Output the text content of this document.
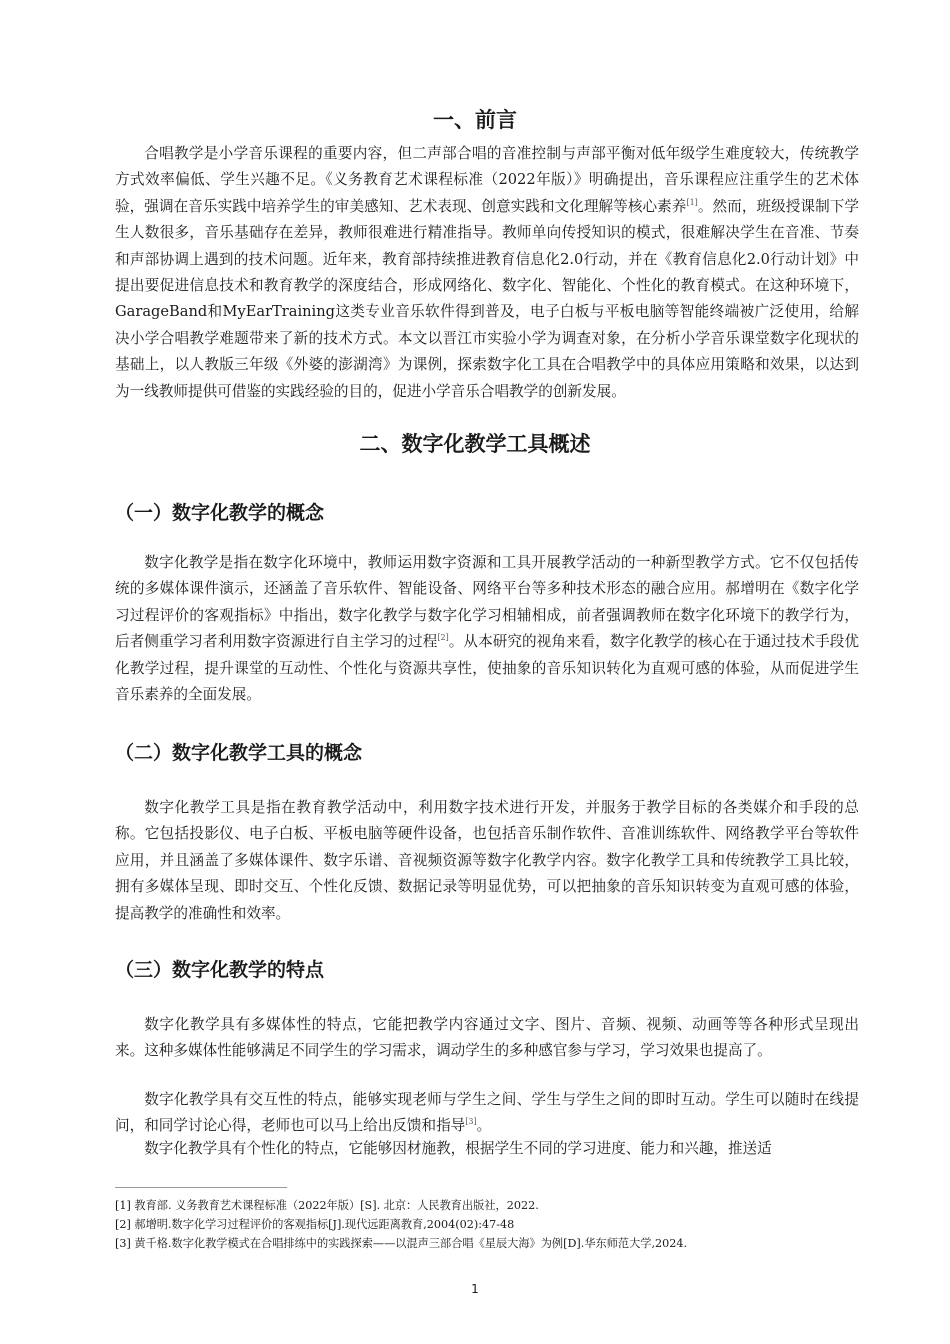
一、前言

合唱教学是小学音乐课程的重要内容，但二声部合唱的音准控制与声部平衡对低年级学生难度较大，传统教学方式效率偏低、学生兴趣不足。《义务教育艺术课程标准（2022年版）》明确提出，音乐课程应注重学生的艺术体验，强调在音乐实践中培养学生的审美感知、艺术表现、创意实践和文化理解等核心素养[1]。然而，班级授课制下学生人数很多，音乐基础存在差异，教师很难进行精准指导。教师单向传授知识的模式，很难解决学生在音准、节奏和声部协调上遇到的技术问题。近年来，教育部持续推进教育信息化2.0行动，并在《教育信息化2.0行动计划》中提出要促进信息技术和教育教学的深度结合，形成网络化、数字化、智能化、个性化的教育模式。在这种环境下，GarageBand和MyEarTraining这类专业音乐软件得到普及，电子白板与平板电脑等智能终端被广泛使用，给解决小学合唱教学难题带来了新的技术方式。本文以晋江市实验小学为调查对象，在分析小学音乐课堂数字化现状的基础上，以人教版三年级《外婆的澎湖湾》为课例，探索数字化工具在合唱教学中的具体应用策略和效果，以达到为一线教师提供可借鉴的实践经验的目的，促进小学音乐合唱教学的创新发展。

二、数字化教学工具概述
（一）数字化教学的概念

数字化教学是指在数字化环境中，教师运用数字资源和工具开展教学活动的一种新型教学方式。它不仅包括传统的多媒体课件演示，还涵盖了音乐软件、智能设备、网络平台等多种技术形态的融合应用。郝增明在《数字化学习过程评价的客观指标》中指出，数字化教学与数字化学习相辅相成，前者强调教师在数字化环境下的教学行为，后者侧重学习者利用数字资源进行自主学习的过程[2]。从本研究的视角来看，数字化教学的核心在于通过技术手段优化教学过程，提升课堂的互动性、个性化与资源共享性，使抽象的音乐知识转化为直观可感的体验，从而促进学生音乐素养的全面发展。

（二）数字化教学工具的概念

数字化教学工具是指在教育教学活动中，利用数字技术进行开发，并服务于教学目标的各类媒介和手段的总称。它包括投影仪、电子白板、平板电脑等硬件设备，也包括音乐制作软件、音准训练软件、网络教学平台等软件应用，并且涵盖了多媒体课件、数字乐谱、音视频资源等数字化教学内容。数字化教学工具和传统教学工具比较，拥有多媒体呈现、即时交互、个性化反馈、数据记录等明显优势，可以把抽象的音乐知识转变为直观可感的体验，提高教学的准确性和效率。

（三）数字化教学的特点

数字化教学具有多媒体性的特点，它能把教学内容通过文字、图片、音频、视频、动画等等各种形式呈现出来。这种多媒体性能够满足不同学生的学习需求，调动学生的多种感官参与学习，学习效果也提高了。

数字化教学具有交互性的特点，能够实现老师与学生之间、学生与学生之间的即时互动。学生可以随时在线提问，和同学讨论心得，老师也可以马上给出反馈和指导[3]。

数字化教学具有个性化的特点，它能够因材施教，根据学生不同的学习进度、能力和兴趣，推送适

[1] 教育部. 义务教育艺术课程标准（2022年版）[S]. 北京：人民教育出版社，2022.
[2] 郝增明.数字化学习过程评价的客观指标[J].现代远距离教育,2004(02):47-48
[3] 黄千格.数字化教学模式在合唱排练中的实践探索——以混声三部合唱《星辰大海》为例[D].华东师范大学,2024.
1
